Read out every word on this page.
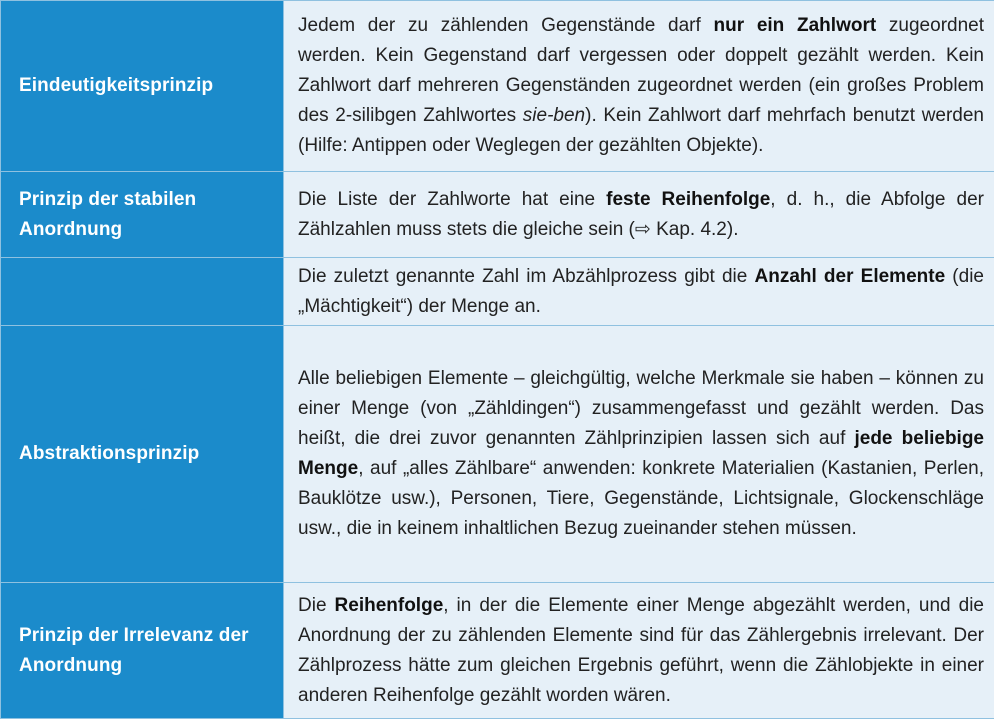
Eindeutigkeitsprinzip	Jedem der zu zählenden Gegenstände darf nur ein Zahlwort zugeordnet werden. Kein Gegenstand darf vergessen oder doppelt gezählt werden. Kein Zahlwort darf mehreren Gegenständen zugeordnet werden (ein großes Problem des 2-silibgen Zahlwortes sie-ben). Kein Zahlwort darf mehrfach benutzt werden (Hilfe: Antippen oder Weglegen der gezählten Objekte).
Prinzip der stabilen Anordnung	Die Liste der Zahlworte hat eine feste Reihenfolge, d. h., die Abfolge der Zählzahlen muss stets die gleiche sein (⇨ Kap. 4.2).
	Die zuletzt genannte Zahl im Abzählprozess gibt die Anzahl der Elemente (die „Mächtigkeit“) der Menge an.
Abstraktionsprinzip	Alle beliebigen Elemente – gleichgültig, welche Merkmale sie haben – können zu einer Menge (von „Zähldingen“) zusammengefasst und gezählt werden. Das heißt, die drei zuvor genannten Zählprinzipien lassen sich auf jede beliebige Menge, auf „alles Zählbare“ anwenden: konkrete Materialien (Kastanien, Perlen, Bauklötze usw.), Personen, Tiere, Gegenstände, Lichtsignale, Glockenschläge usw., die in keinem inhaltlichen Bezug zueinander stehen müssen.
Prinzip der Irrelevanz der Anordnung	Die Reihenfolge, in der die Elemente einer Menge abgezählt werden, und die Anordnung der zu zählenden Elemente sind für das Zählergebnis irrelevant. Der Zählprozess hätte zum gleichen Ergebnis geführt, wenn die Zählobjekte in einer anderen Reihenfolge gezählt worden wären.
